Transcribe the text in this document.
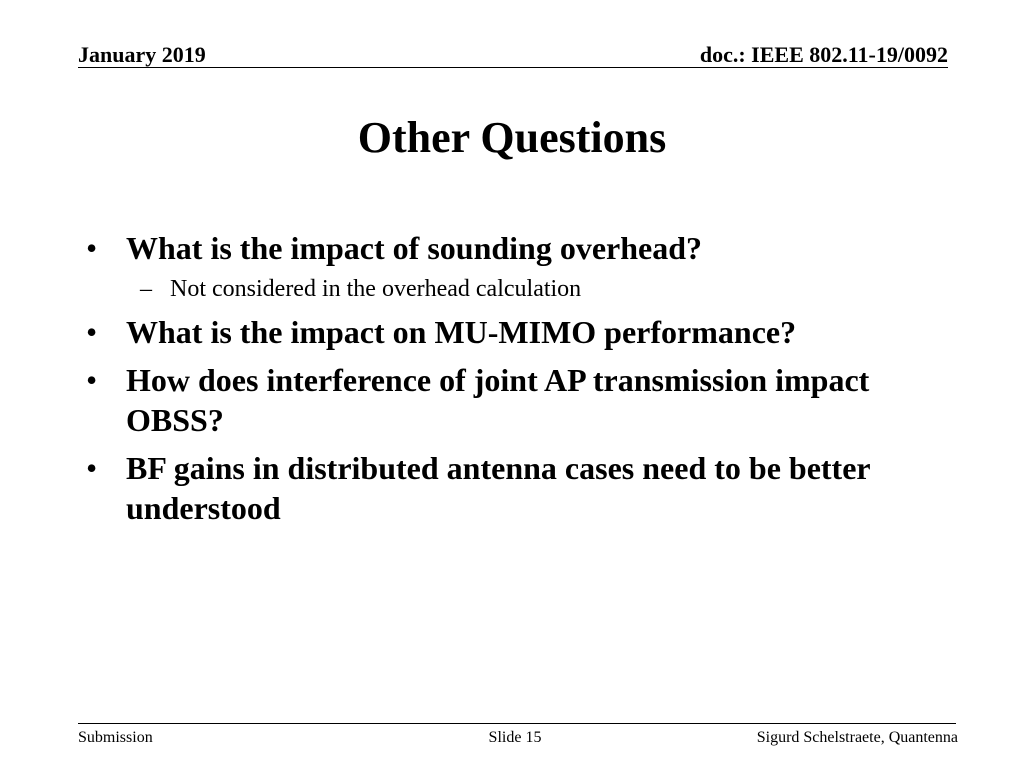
January 2019	doc.: IEEE 802.11-19/0092
Other Questions
• What is the impact of sounding overhead?
– Not considered in the overhead calculation
• What is the impact on MU-MIMO performance?
• How does interference of joint AP transmission impact OBSS?
• BF gains in distributed antenna cases need to be better understood
Submission	Slide 15	Sigurd Schelstraete, Quantenna
